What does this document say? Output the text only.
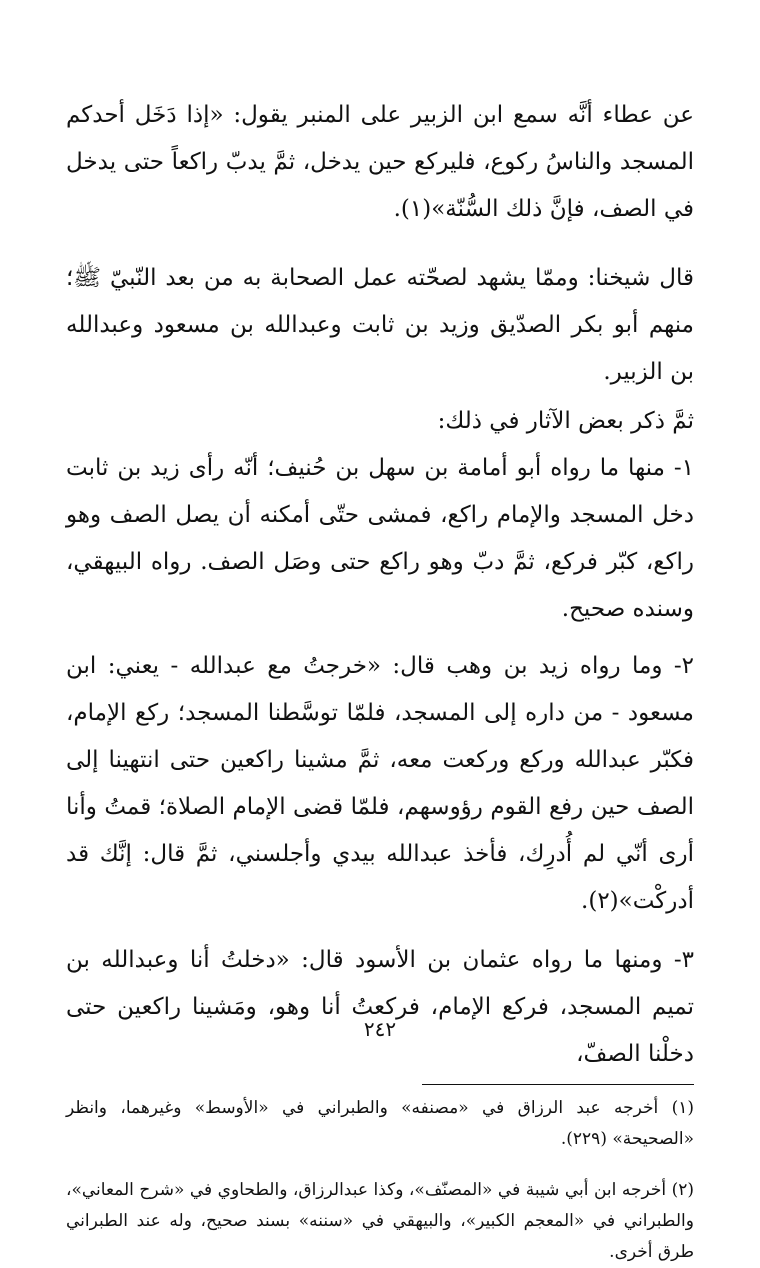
عن عطاء أنَّه سمع ابن الزبير على المنبر يقول: «إذا دَخَل أحدكم المسجد والناسُ ركوع، فليركع حين يدخل، ثمَّ يدبّ راكعاً حتى يدخل في الصف، فإنَّ ذلك السُّنّة»(١).

قال شيخنا: وممّا يشهد لصحّته عمل الصحابة به من بعد النّبيّ ﷺ؛ منهم أبو بكر الصدّيق وزيد بن ثابت وعبدالله بن مسعود وعبدالله بن الزبير.

ثمَّ ذكر بعض الآثار في ذلك:

١- منها ما رواه أبو أمامة بن سهل بن حُنيف؛ أنّه رأى زيد بن ثابت دخل المسجد والإمام راكع، فمشى حتّى أمكنه أن يصل الصف وهو راكع، كبّر فركع، ثمَّ دبّ وهو راكع حتى وصَل الصف. رواه البيهقي، وسنده صحيح.

٢- وما رواه زيد بن وهب قال: «خرجتُ مع عبدالله - يعني: ابن مسعود - من داره إلى المسجد، فلمّا توسَّطنا المسجد؛ ركع الإمام، فكبّر عبدالله وركع وركعت معه، ثمَّ مشينا راكعين حتى انتهينا إلى الصف حين رفع القوم رؤوسهم، فلمّا قضى الإمام الصلاة؛ قمتُ وأنا أرى أنّي لم أُدرِك، فأخذ عبدالله بيدي وأجلسني، ثمَّ قال: إنَّك قد أدركْت»(٢).

٣- ومنها ما رواه عثمان بن الأسود قال: «دخلتُ أنا وعبدالله بن تميم المسجد، فركع الإمام، فركعتُ أنا وهو، ومَشينا راكعين حتى دخلْنا الصفّ،

(١) أخرجه عبد الرزاق في «مصنفه» والطبراني في «الأوسط» وغيرهما، وانظر «الصحيحة» (٢٢٩).

(٢) أخرجه ابن أبي شيبة في «المصنّف»، وكذا عبدالرزاق، والطحاوي في «شرح المعاني»، والطبراني في «المعجم الكبير»، والبيهقي في «سننه» بسند صحيح، وله عند الطبراني طرق أخرى.

٢٤٢
